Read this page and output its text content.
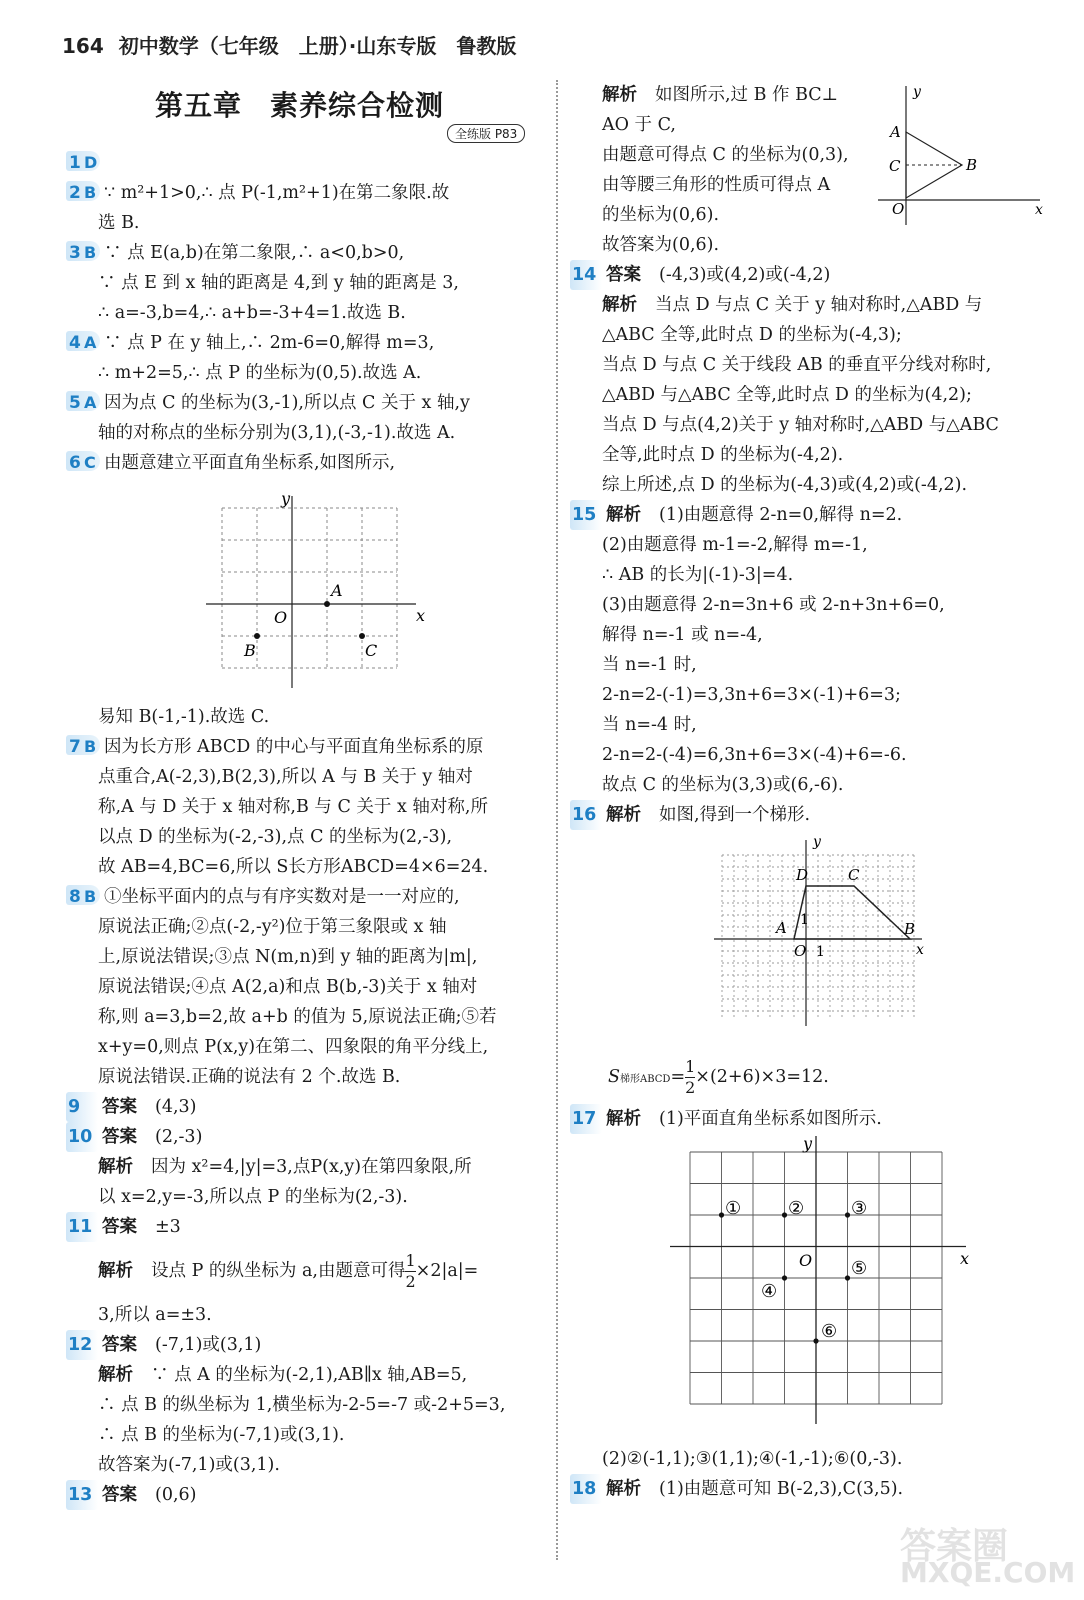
164 初中数学（七年级　上册）·山东专版　鲁教版
第五章 素养综合检测
全练版 P83
1 D
2 B ∵ m²+1>0,∴ 点 P(-1,m²+1)在第二象限.故
选 B.
3 B ∵ 点 E(a,b)在第二象限,∴ a<0,b>0,
∵ 点 E 到 x 轴的距离是 4,到 y 轴的距离是 3,
∴ a=-3,b=4,∴ a+b=-3+4=1.故选 B.
4 A ∵ 点 P 在 y 轴上,∴ 2m-6=0,解得 m=3,
∴ m+2=5,∴ 点 P 的坐标为(0,5).故选 A.
5 A 因为点 C 的坐标为(3,-1),所以点 C 关于 x 轴,y
轴的对称点的坐标分别为(3,1),(-3,-1).故选 A.
6 C 由题意建立平面直角坐标系,如图所示,
x
y
O
A
B	C
易知 B(-1,-1).故选 C.
7 B 因为长方形 ABCD 的中心与平面直角坐标系的原
点重合,A(-2,3),B(2,3),所以 A 与 B 关于 y 轴对
称,A 与 D 关于 x 轴对称,B 与 C 关于 x 轴对称,所
以点 D 的坐标为(-2,-3),点 C 的坐标为(2,-3),
故 AB=4,BC=6,所以 S长方形ABCD=4×6=24.
8 B ①坐标平面内的点与有序实数对是一一对应的,
原说法正确;②点(-2,-y²)位于第三象限或 x 轴
上,原说法错误;③点 N(m,n)到 y 轴的距离为|m|,
原说法错误;④点 A(2,a)和点 B(b,-3)关于 x 轴对
称,则 a=3,b=2,故 a+b 的值为 5,原说法正确;⑤若
x+y=0,则点 P(x,y)在第二、四象限的角平分线上,
原说法错误.正确的说法有 2 个.故选 B.
9 答案 (4,3)
10 答案 (2,-3)
解析 因为 x²=4,|y|=3,点P(x,y)在第四象限,所
以 x=2,y=-3,所以点 P 的坐标为(2,-3).
11 答案 ±3
解析 设点 P 的纵坐标为 a,由题意可得 $\frac{1}{2} \times 2|a|=$
3,所以 a=±3.
12 答案 (-7,1)或(3,1)
解析 ∵ 点 A 的坐标为(-2,1),AB∥x 轴,AB=5,
∴ 点 B 的纵坐标为 1,横坐标为-2-5=-7 或-2+5=3,
∴ 点 B 的坐标为(-7,1)或(3,1).
故答案为(-7,1)或(3,1).
13 答案 (0,6)
解析 如图所示,过 B 作 BC⊥
AO 于 C,
由题意可得点 C 的坐标为(0,3),
由等腰三角形的性质可得点 A
的坐标为(0,6).
故答案为(0,6).
x
y
O
A
B
C
14 答案 (-4,3)或(4,2)或(-4,2)
解析 当点 D 与点 C 关于 y 轴对称时,△ABD 与
△ABC 全等,此时点 D 的坐标为(-4,3);
当点 D 与点 C 关于线段 AB 的垂直平分线对称时,
△ABD 与△ABC 全等,此时点 D 的坐标为(4,2);
当点 D 与点(4,2)关于 y 轴对称时,△ABD 与△ABC
全等,此时点 D 的坐标为(-4,2).
综上所述,点 D 的坐标为(-4,3)或(4,2)或(-4,2).
15 解析 (1)由题意得 2-n=0,解得 n=2.
(2)由题意得 m-1=-2,解得 m=-1,
∴ AB 的长为|(-1)-3|=4.
(3)由题意得 2-n=3n+6 或 2-n+3n+6=0,
解得 n=-1 或 n=-4,
当 n=-1 时,
2-n=2-(-1)=3,3n+6=3×(-1)+6=3;
当 n=-4 时,
2-n=2-(-4)=6,3n+6=3×(-4)+6=-6.
故点 C 的坐标为(3,3)或(6,-6).
16 解析 如图,得到一个梯形.
x
y
O 1
1
A	B
C
D
S梯形ABCD= $\frac{1}{2} \times(2+6)\times 3=12$.
17 解析 (1)平面直角坐标系如图所示.
x
y
O
①	②	③
④
⑤
⑥
(2)②(-1,1);③(1,1);④(-1,-1);⑥(0,-3).
18 解析 (1)由题意可知 B(-2,3),C(3,5).
答案圈
MXQE.COM
